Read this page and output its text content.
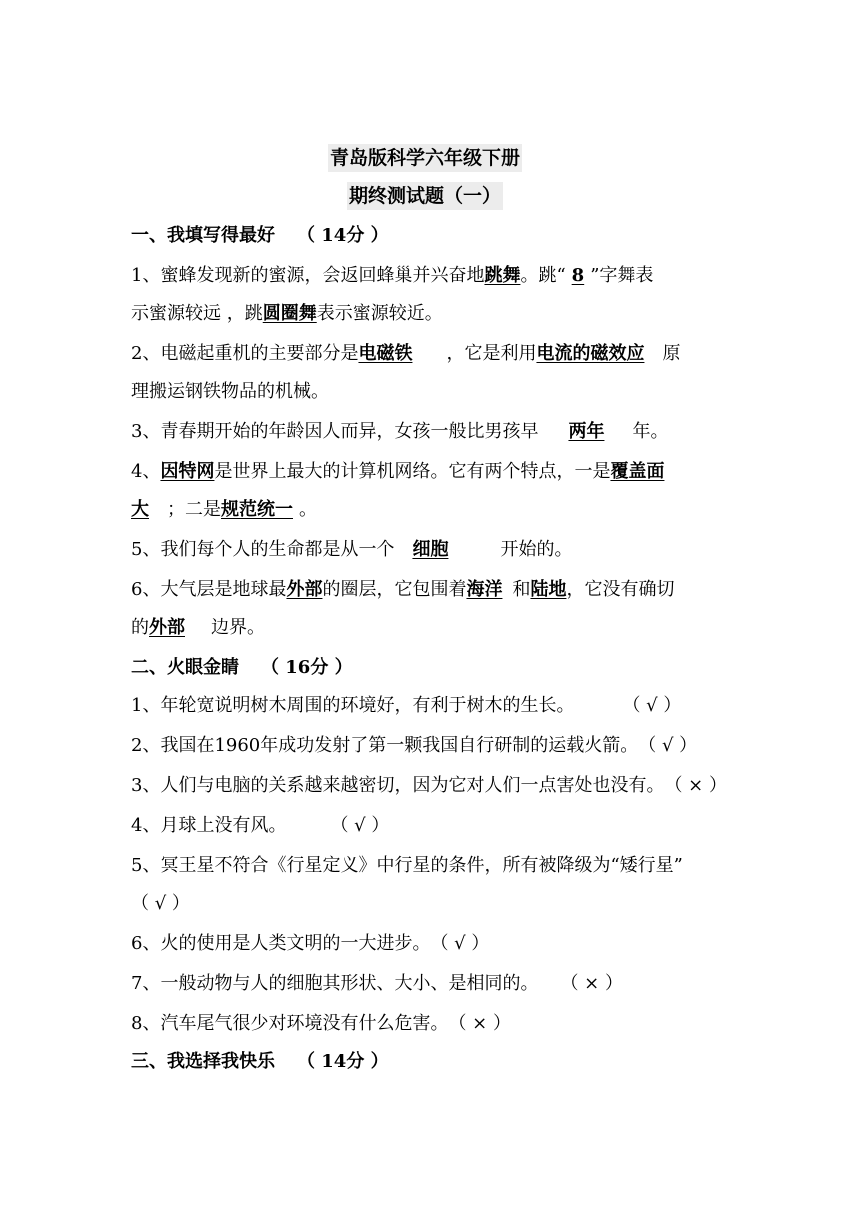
青岛版科学六年级下册
期终测试题（一）
一、我填写得最好 （ 14分 ）
1、蜜蜂发现新的蜜源，会返回蜂巢并兴奋地跳舞。跳“ 8 ”字舞表
示蜜源较远 ，跳圆圈舞表示蜜源较近。
2、电磁起重机的主要部分是电磁铁 ，它是利用电流的磁效应 原
理搬运钢铁物品的机械。
3、青春期开始的年龄因人而异，女孩一般比男孩早 两年 年。
4、因特网是世界上最大的计算机网络。它有两个特点，一是覆盖面
大 ；二是规范统一 。
5、我们每个人的生命都是从一个 细胞	开始的。
6、大气层是地球最外部的圈层，它包围着海洋 和陆地，它没有确切
的外部 边界。
二、火眼金睛 （ 16分 ）
1、年轮宽说明树木周围的环境好，有利于树木的生长。	（ √ ）
2、我国在1960年成功发射了第一颗我国自行研制的运载火箭。（ √ ）
3、人们与电脑的关系越来越密切，因为它对人们一点害处也没有。（ × ）
4、月球上没有风。 （ √ ）
5、冥王星不符合《行星定义》中行星的条件，所有被降级为“矮行星”
（ √ ）
6、火的使用是人类文明的一大进步。（ √ ）
7、一般动物与人的细胞其形状、大小、是相同的。 （ × ）
8、汽车尾气很少对环境没有什么危害。（ × ）
三、我选择我快乐 （ 14分 ）
